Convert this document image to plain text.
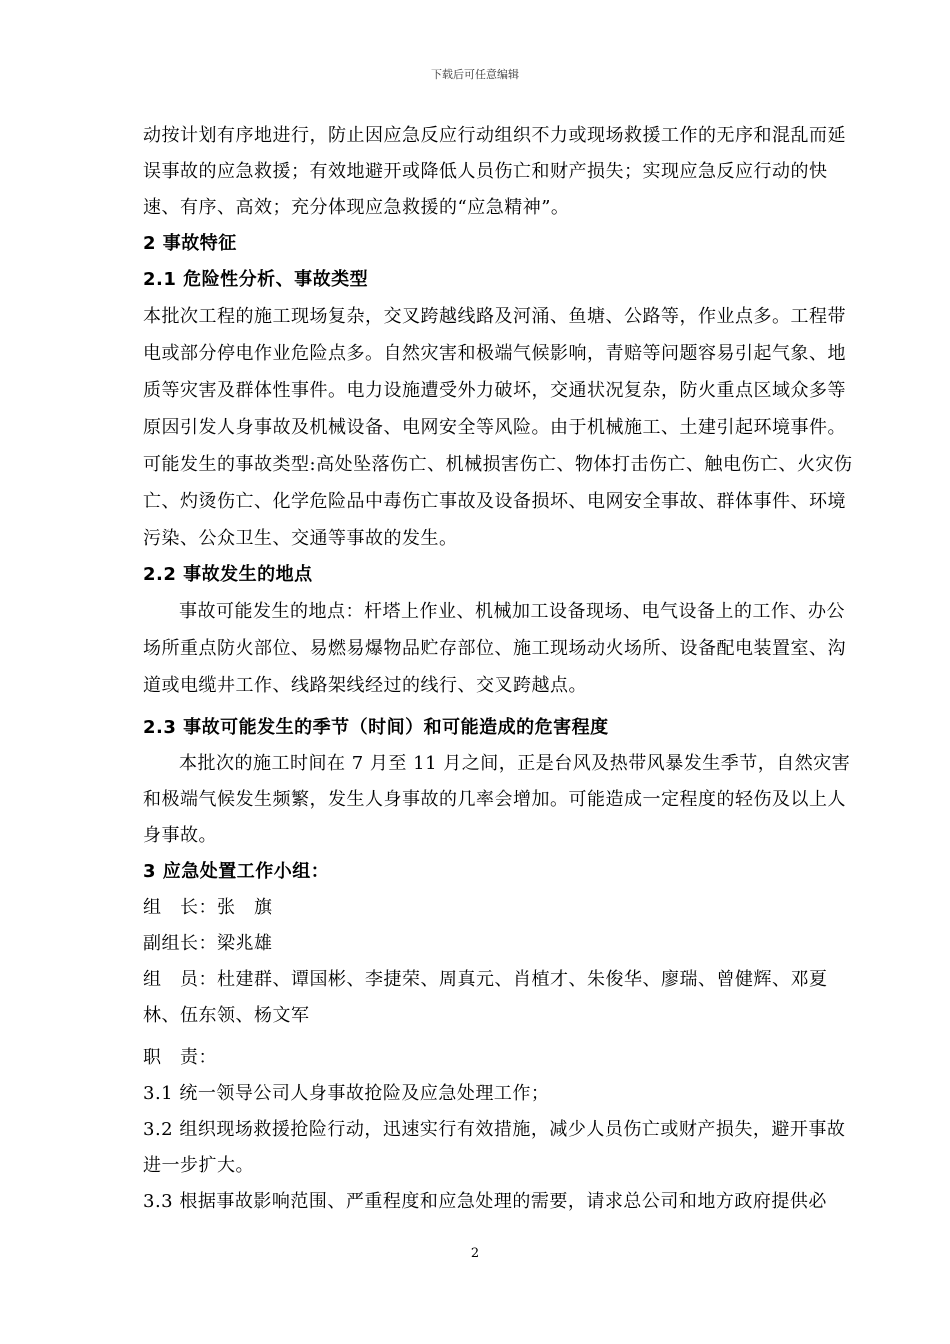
下载后可任意编辑

动按计划有序地进行，防止因应急反应行动组织不力或现场救援工作的无序和混乱而延误事故的应急救援；有效地避开或降低人员伤亡和财产损失；实现应急反应行动的快速、有序、高效；充分体现应急救援的“应急精神”。

2 事故特征

2.1 危险性分析、事故类型

本批次工程的施工现场复杂，交叉跨越线路及河涌、鱼塘、公路等，作业点多。工程带电或部分停电作业危险点多。自然灾害和极端气候影响，青赔等问题容易引起气象、地质等灾害及群体性事件。电力设施遭受外力破坏，交通状况复杂，防火重点区域众多等原因引发人身事故及机械设备、电网安全等风险。由于机械施工、土建引起环境事件。

可能发生的事故类型:高处坠落伤亡、机械损害伤亡、物体打击伤亡、触电伤亡、火灾伤亡、灼烫伤亡、化学危险品中毒伤亡事故及设备损坏、电网安全事故、群体事件、环境污染、公众卫生、交通等事故的发生。

2.2 事故发生的地点

事故可能发生的地点：杆塔上作业、机械加工设备现场、电气设备上的工作、办公场所重点防火部位、易燃易爆物品贮存部位、施工现场动火场所、设备配电装置室、沟道或电缆井工作、线路架线经过的线行、交叉跨越点。

2.3 事故可能发生的季节（时间）和可能造成的危害程度

本批次的施工时间在 7 月至 11 月之间，正是台风及热带风暴发生季节，自然灾害和极端气候发生频繁，发生人身事故的几率会增加。可能造成一定程度的轻伤及以上人身事故。

3 应急处置工作小组：

组　长：张　旗

副组长：梁兆雄

组　员：杜建群、谭国彬、李捷荣、周真元、肖植才、朱俊华、廖瑞、曾健辉、邓夏林、伍东领、杨文军

职　责：

3.1 统一领导公司人身事故抢险及应急处理工作；

3.2 组织现场救援抢险行动，迅速实行有效措施，减少人员伤亡或财产损失，避开事故进一步扩大。

3.3 根据事故影响范围、严重程度和应急处理的需要，请求总公司和地方政府提供必

2
